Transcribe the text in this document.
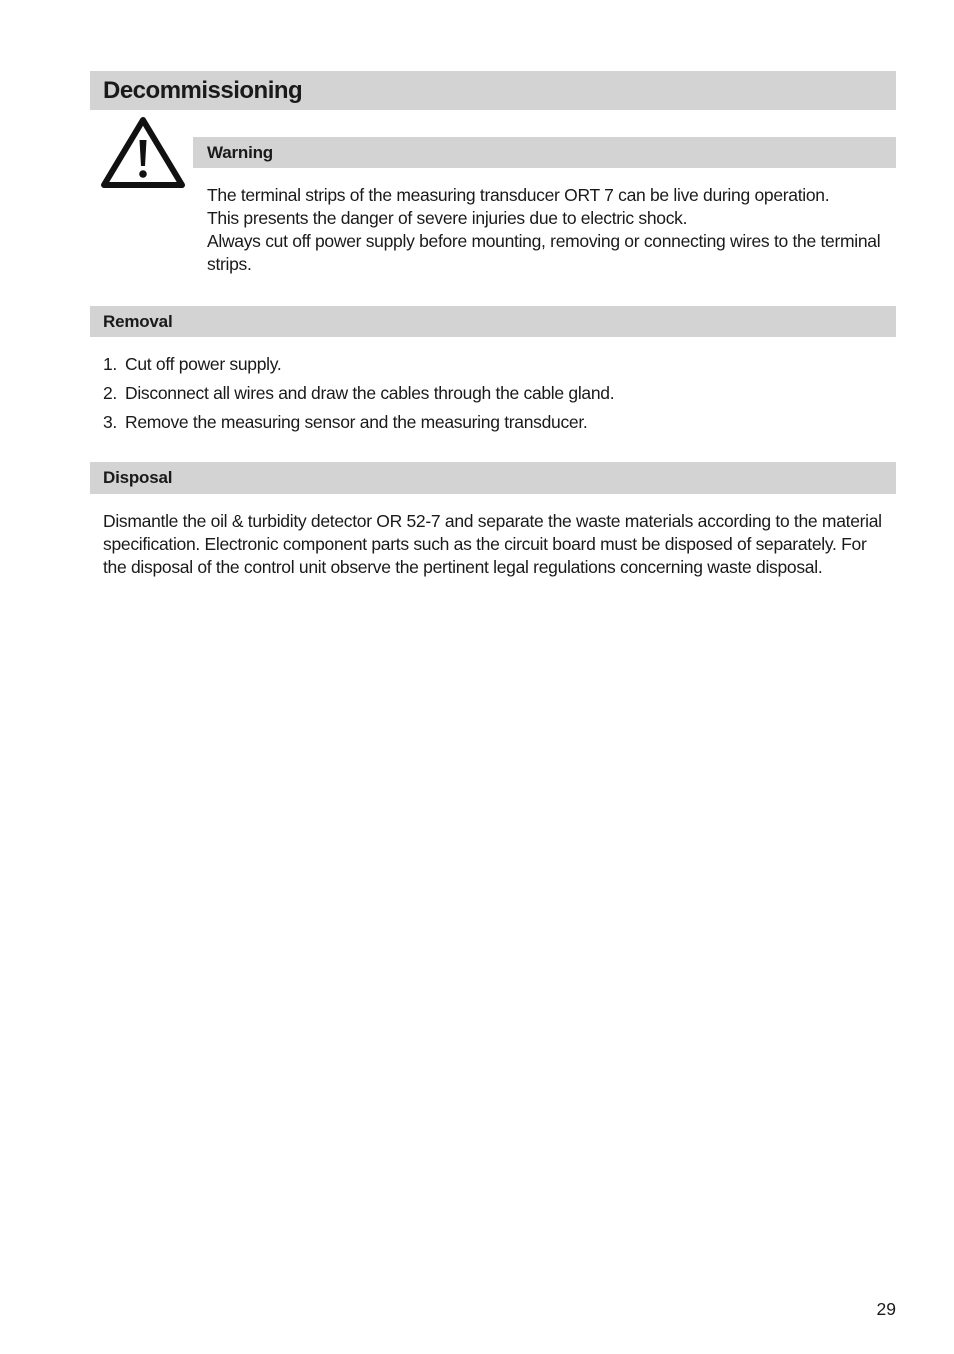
Decommissioning
Warning

The terminal strips of the measuring transducer ORT 7 can be live during operation.

This presents the danger of severe injuries due to electric shock.

Always cut off power supply before mounting, removing or connecting wires to the terminal strips.

Removal
1. Cut off power supply.
2. Disconnect all wires and draw the cables through the cable gland.
3. Remove the measuring sensor and the measuring transducer.
Disposal
Dismantle the oil & turbidity detector OR 52-7 and separate the waste materials according to the material specification. Electronic component parts such as the circuit board must be disposed of separately. For the disposal of the control unit observe the pertinent legal regulations concerning waste disposal.
29
